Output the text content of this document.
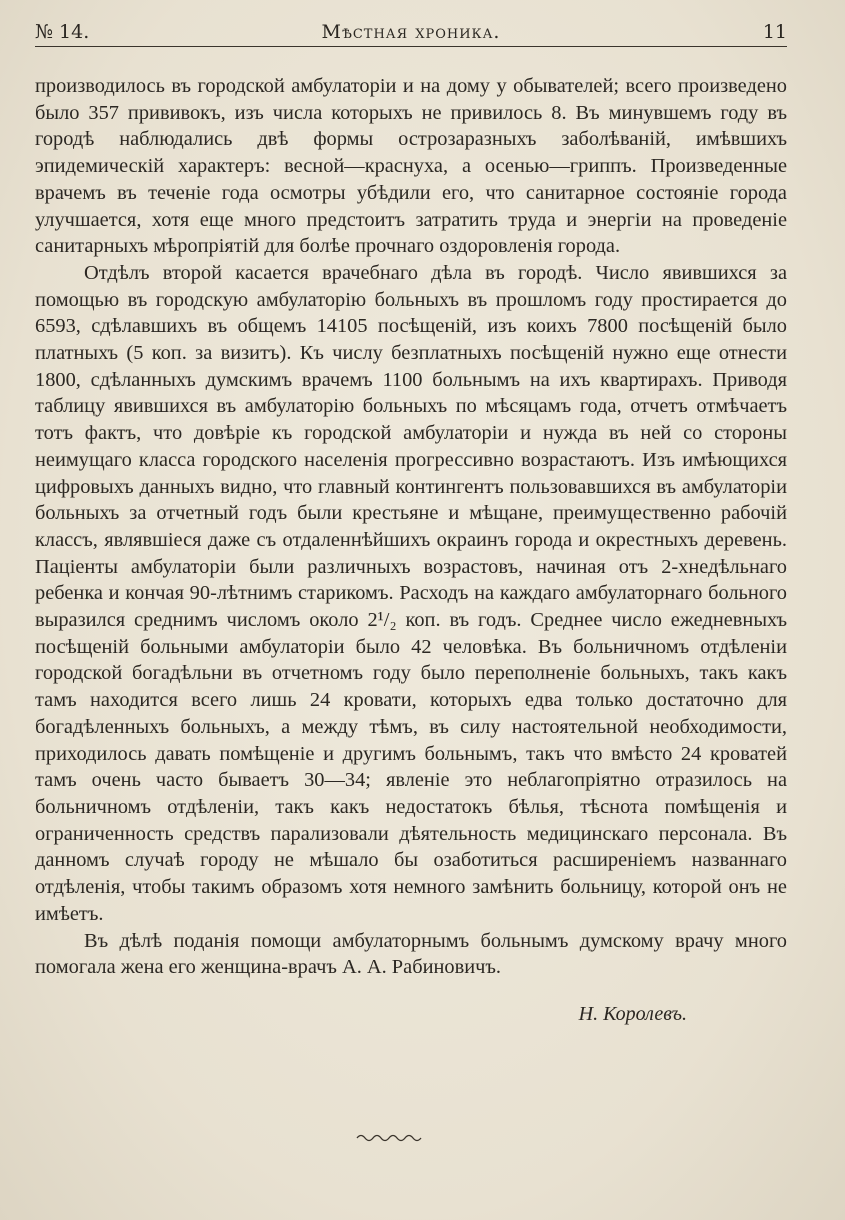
№ 14.	Мѣстная хроника.	11

производилось въ городской амбулаторiи и на дому у обывателей; всего произведено было 357 прививокъ, изъ числа которыхъ не привилось 8. Въ минувшемъ году въ городѣ наблюдались двѣ формы острозаразныхъ заболѣванiй, имѣвшихъ эпидемическiй характеръ: весной—краснуха, а осенью—гриппъ. Произведенные врачемъ въ теченiе года осмотры убѣдили его, что санитарное состоянiе города улучшается, хотя еще много предстоитъ затратить труда и энергiи на проведенiе санитарныхъ мѣропрiятiй для болѣе прочнаго оздоровленiя города.

Отдѣлъ второй касается врачебнаго дѣла въ городѣ. Число явившихся за помощью въ городскую амбулаторiю больныхъ въ прошломъ году простирается до 6593, сдѣлавшихъ въ общемъ 14105 посѣщенiй, изъ коихъ 7800 посѣщенiй было платныхъ (5 коп. за визитъ). Къ числу безплатныхъ посѣщенiй нужно еще отнести 1800, сдѣланныхъ думскимъ врачемъ 1100 больнымъ на ихъ квартирахъ. Приводя таблицу явившихся въ амбулаторiю больныхъ по мѣсяцамъ года, отчетъ отмѣчаетъ тотъ фактъ, что довѣрiе къ городской амбулаторiи и нужда въ ней со стороны неимущаго класса городского населенiя прогрессивно возрастаютъ. Изъ имѣющихся цифровыхъ данныхъ видно, что главный контингентъ пользовавшихся въ амбулаторiи больныхъ за отчетный годъ были крестьяне и мѣщане, преимущественно рабочiй классъ, являвшiеся даже съ отдаленнѣйшихъ окраинъ города и окрестныхъ деревень. Пацiенты амбулаторiи были различныхъ возрастовъ, начиная отъ 2-хнедѣльнаго ребенка и кончая 90-лѣтнимъ старикомъ. Расходъ на каждаго амбулаторнаго больного выразился среднимъ числомъ около 2¹/₂ коп. въ годъ. Среднее число ежедневныхъ посѣщенiй больными амбулаторiи было 42 человѣка. Въ больничномъ отдѣленiи городской богадѣльни въ отчетномъ году было переполненiе больныхъ, такъ какъ тамъ находится всего лишь 24 кровати, которыхъ едва только достаточно для богадѣленныхъ больныхъ, а между тѣмъ, въ силу настоятельной необходимости, приходилось давать помѣщенiе и другимъ больнымъ, такъ что вмѣсто 24 кроватей тамъ очень часто бываетъ 30—34; явленiе это неблагопрiятно отразилось на больничномъ отдѣленiи, такъ какъ недостатокъ бѣлья, тѣснота помѣщенiя и ограниченность средствъ парализовали дѣятельность медицинскаго персонала. Въ данномъ случаѣ городу не мѣшало бы озаботиться расширенiемъ названнаго отдѣленiя, чтобы такимъ образомъ хотя немного замѣнить больницу, которой онъ не имѣетъ.

Въ дѣлѣ поданiя помощи амбулаторнымъ больнымъ думскому врачу много помогала жена его женщина-врачъ А. А. Рабиновичъ.

Н. Королевъ.
